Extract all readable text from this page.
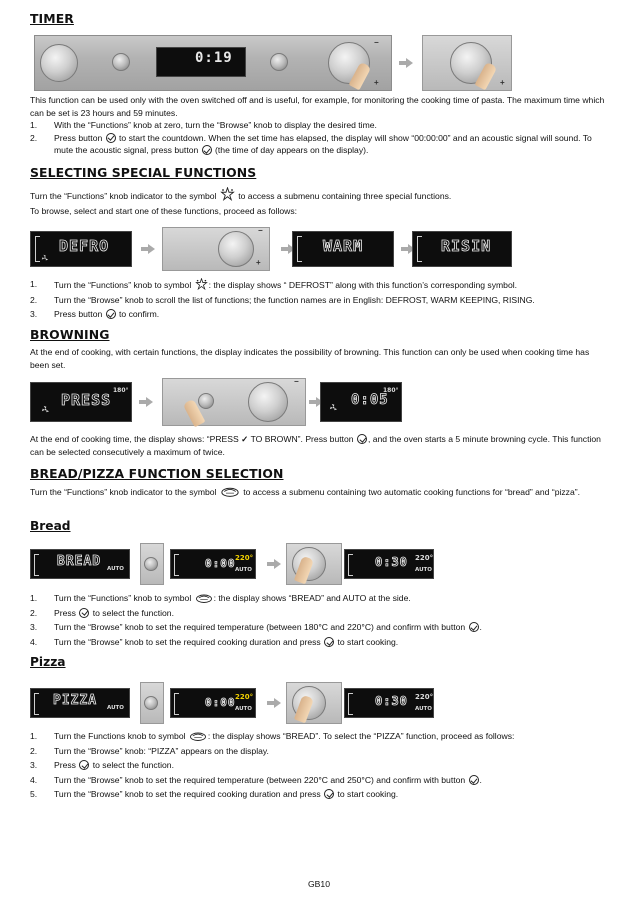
TIMER
0:19
−
+	+

This function can be used only with the oven switched off and is useful, for example, for monitoring the cooking time of pasta. The maximum time which can be set is 23 hours and 59 minutes.

1.	With the “Functions” knob at zero, turn the “Browse” knob to display the desired time.
2.	Press button  to start the countdown. When the set time has elapsed, the display will show “00:00:00” and an acoustic signal will sound. To mute the acoustic signal, press button  (the time of day appears on the display).
SELECTING SPECIAL FUNCTIONS

Turn the “Functions” knob indicator to the symbol  to access a submenu containing three special functions.

To browse, select and start one of these functions, proceed as follows:

DEFRO
−
+
WARM	RISIN
1.	Turn the “Functions” knob to symbol : the display shows “ DEFROST” along with this function’s corresponding symbol.
2.	Turn the “Browse” knob to scroll the list of functions; the function names are in English: DEFROST, WARM KEEPING, RISING.
3.	Press button  to confirm.
BROWNING

At the end of cooking, with certain functions, the display indicates the possibility of browning. This function can only be used when cooking time has been set.

180°
PRESS
−
180°
0:05

At the end of cooking time, the display shows: “PRESS ✓ TO BROWN”. Press button , and the oven starts a 5 minute browning cycle. This function can be selected consecutively a maximum of twice.

BREAD/PIZZA FUNCTION SELECTION

Turn the “Functions” knob indicator to the symbol	to access a submenu containing two automatic cooking functions for “bread” and “pizza”.

Bread
BREAD AUTO	0:00 220°
AUTO
0:30 220°
AUTO
1.	Turn the “Functions” knob to symbol : the display shows “BREAD” and AUTO at the side.
2.	Press  to select the function.
3.	Turn the “Browse” knob to set the required temperature (between 180°C and 220°C) and confirm with button .
4.	Turn the “Browse” knob to set the required cooking duration and press  to start cooking.
Pizza
PIZZA AUTO	0:00 220°
AUTO
0:30 220°
AUTO
1.	Turn the Functions knob to symbol : the display shows “BREAD”. To select the “PIZZA” function, proceed as follows:
2.	Turn the “Browse” knob: “PIZZA” appears on the display.
3.	Press  to select the function.
4.	Turn the “Browse” knob to set the required temperature (between 220°C and 250°C) and confirm with button .
5.	Turn the “Browse” knob to set the required cooking duration and press  to start cooking.
GB10
